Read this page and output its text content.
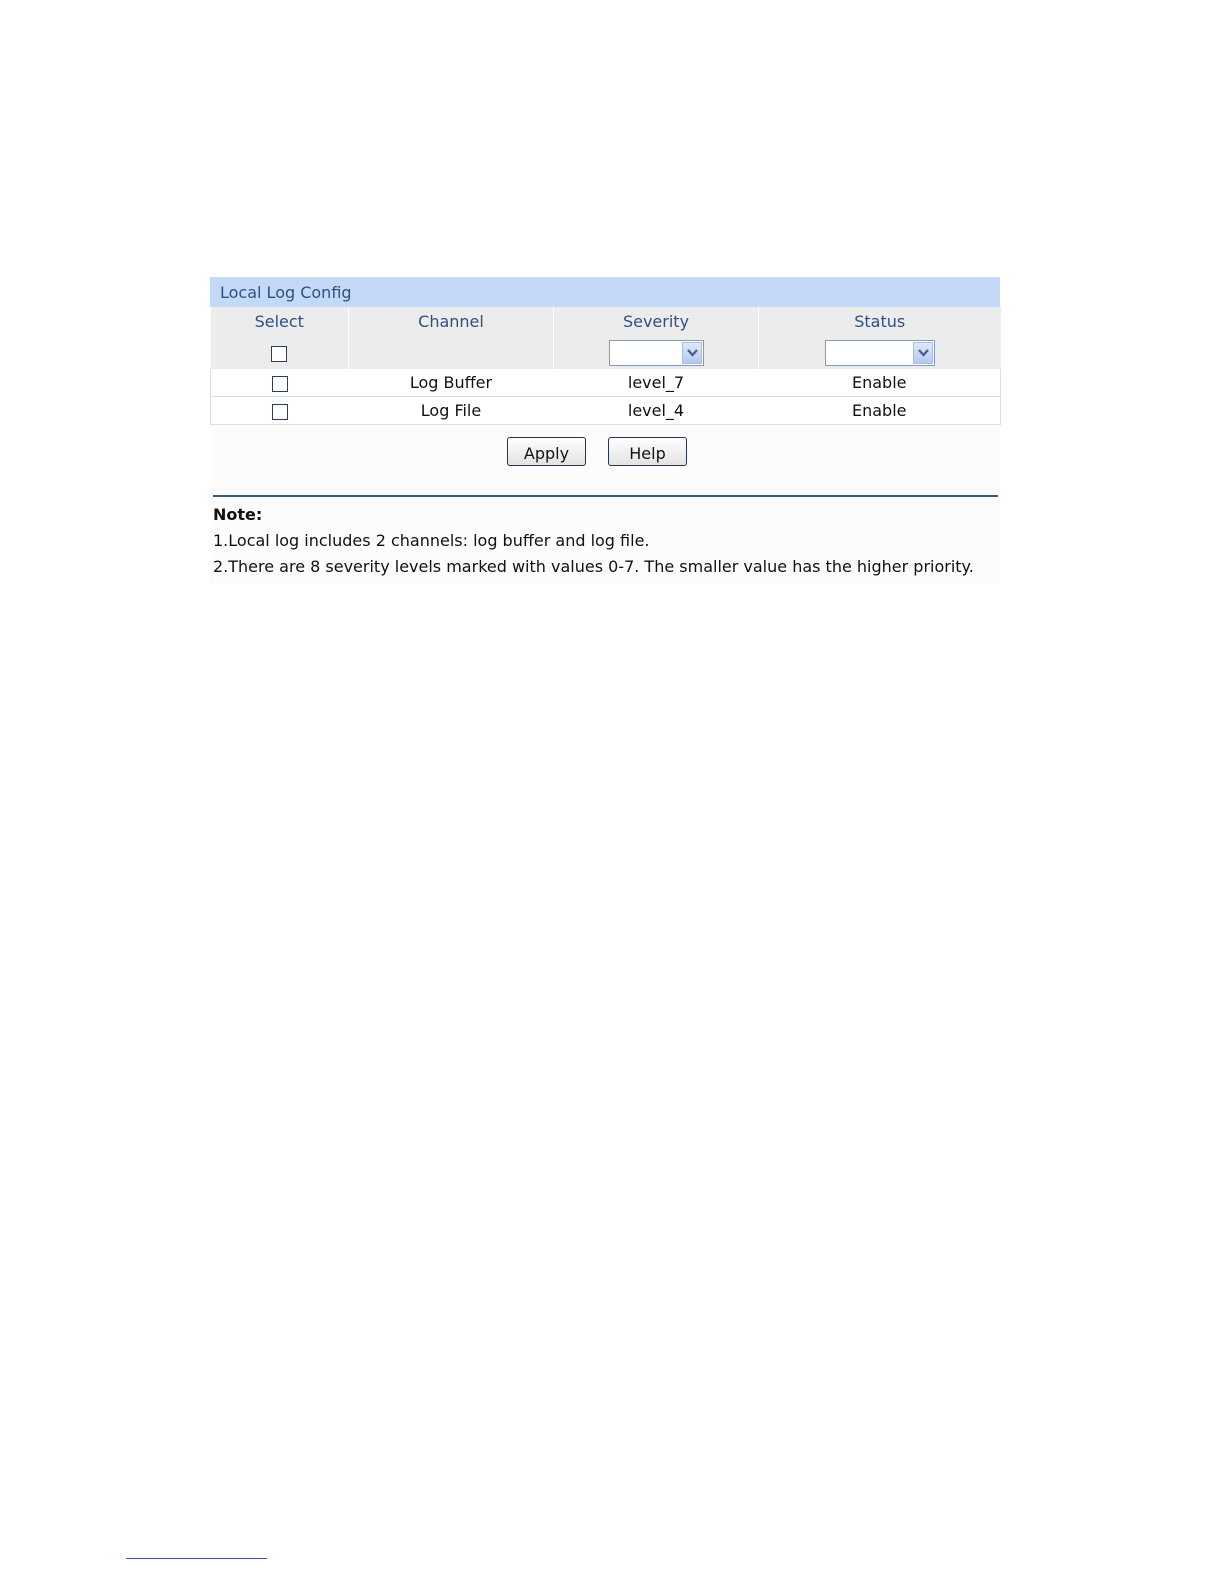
Local Log Config
Select	Channel	Severity	Status

	Log Buffer	level_7	Enable
	Log File	level_4	Enable
Apply	Help
Note:
1.Local log includes 2 channels: log buffer and log file.
2.There are 8 severity levels marked with values 0-7. The smaller value has the higher priority.
